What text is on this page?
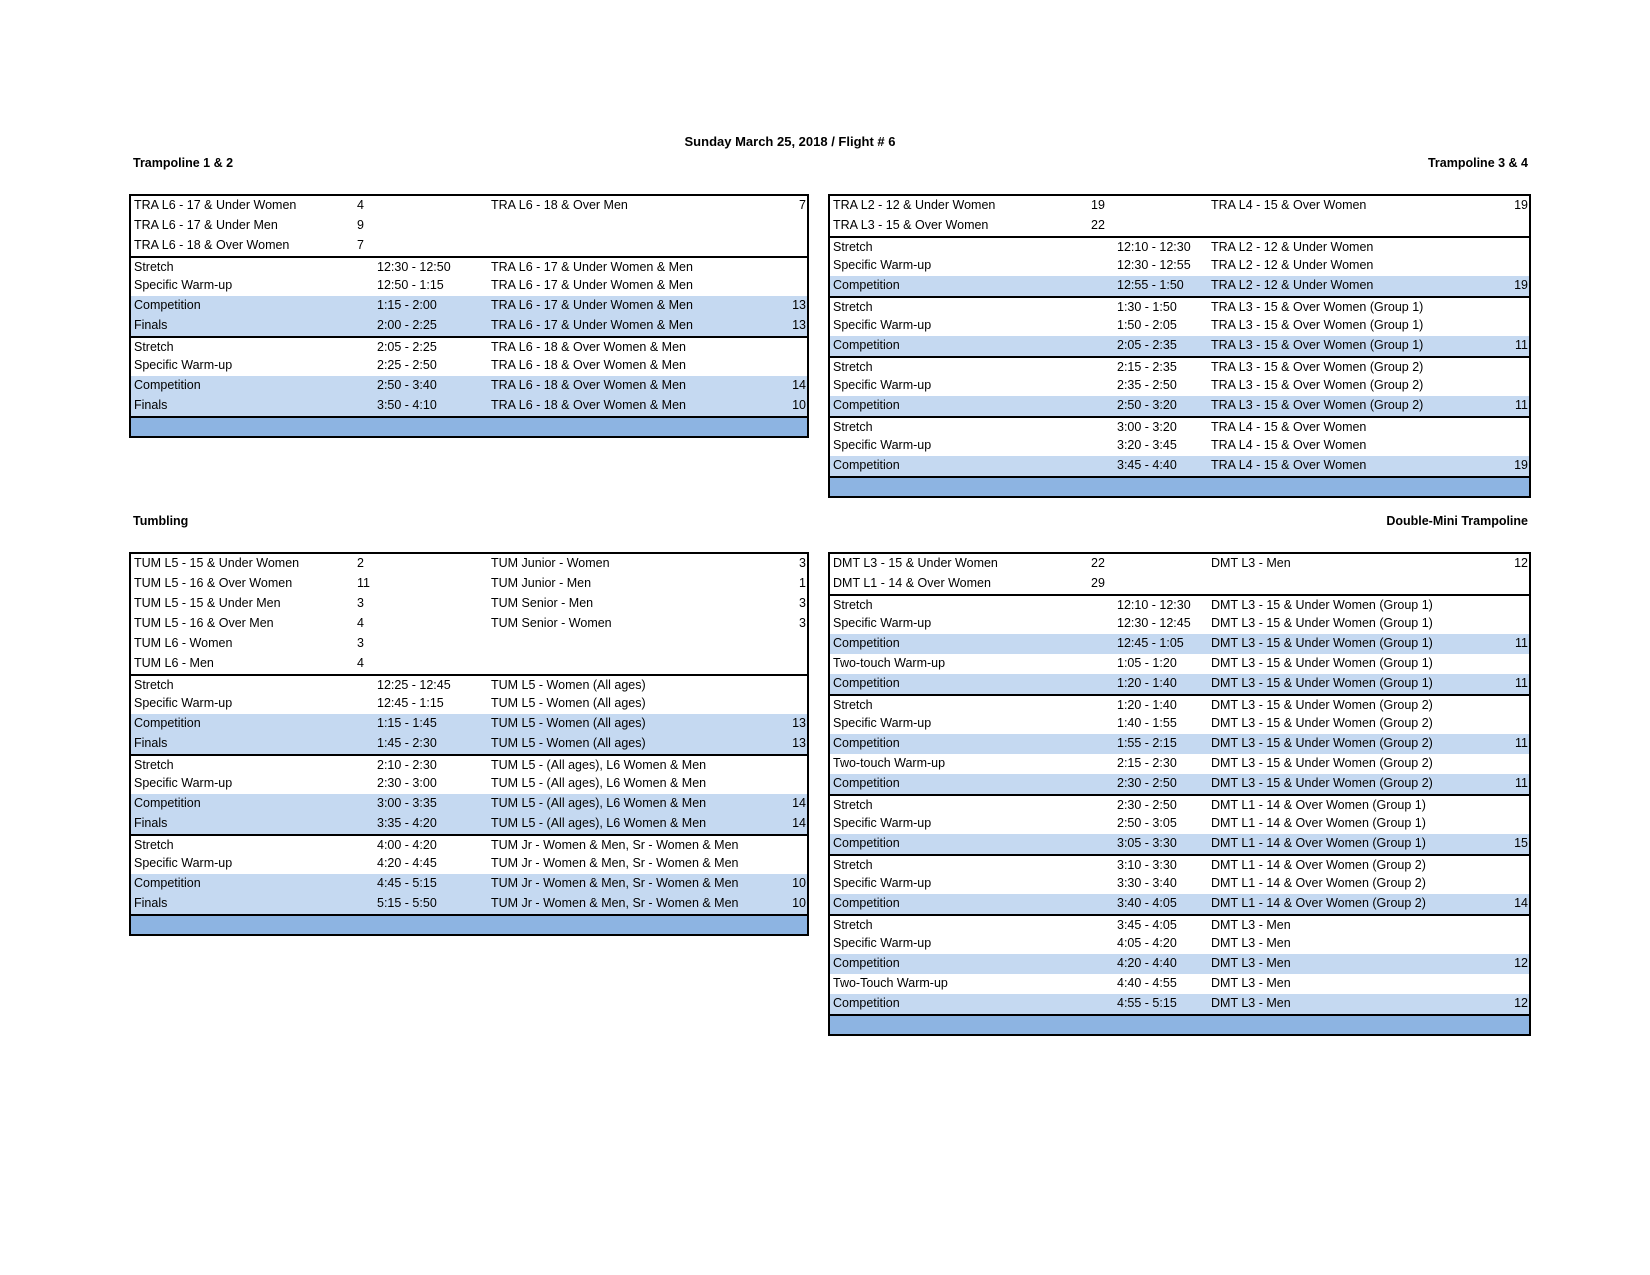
Sunday March 25, 2018 / Flight # 6
Trampoline 1 & 2	Trampoline 3 & 4
Tumbling	Double-Mini Trampoline
TRA L6 - 17 & Under Women	4	TRA L6 - 18 & Over Men	7
TRA L6 - 17 & Under Men	9
TRA L6 - 18 & Over Women	7
Stretch	12:30 - 12:50	TRA L6 - 17 & Under Women & Men
Specific Warm-up	12:50 - 1:15	TRA L6 - 17 & Under Women & Men
Competition	1:15 - 2:00	TRA L6 - 17 & Under Women & Men	13
Finals	2:00 - 2:25	TRA L6 - 17 & Under Women & Men	13
Stretch	2:05 - 2:25	TRA L6 - 18 & Over Women & Men
Specific Warm-up	2:25 - 2:50	TRA L6 - 18 & Over Women & Men
Competition	2:50 - 3:40	TRA L6 - 18 & Over Women & Men	14
Finals	3:50 - 4:10	TRA L6 - 18 & Over Women & Men	10
TRA L2 - 12 & Under Women	19	TRA L4 - 15 & Over Women	19
TRA L3 - 15 & Over Women	22
Stretch	12:10 - 12:30 TRA L2 - 12 & Under Women
Specific Warm-up	12:30 - 12:55 TRA L2 - 12 & Under Women
Competition	12:55 - 1:50 TRA L2 - 12 & Under Women	19
Stretch	1:30 - 1:50	TRA L3 - 15 & Over Women (Group 1)
Specific Warm-up	1:50 - 2:05	TRA L3 - 15 & Over Women (Group 1)
Competition	2:05 - 2:35	TRA L3 - 15 & Over Women (Group 1)	11
Stretch	2:15 - 2:35	TRA L3 - 15 & Over Women (Group 2)
Specific Warm-up	2:35 - 2:50	TRA L3 - 15 & Over Women (Group 2)
Competition	2:50 - 3:20	TRA L3 - 15 & Over Women (Group 2)	11
Stretch	3:00 - 3:20	TRA L4 - 15 & Over Women
Specific Warm-up	3:20 - 3:45	TRA L4 - 15 & Over Women
Competition	3:45 - 4:40	TRA L4 - 15 & Over Women	19
TUM L5 - 15 & Under Women	2	TUM Junior - Women	3
TUM L5 - 16 & Over Women	11	TUM Junior - Men	1
TUM L5 - 15 & Under Men	3	TUM Senior - Men	3
TUM L5 - 16 & Over Men	4	TUM Senior - Women	3
TUM L6 - Women	3
TUM L6 - Men	4
Stretch	12:25 - 12:45	TUM L5 - Women (All ages)
Specific Warm-up	12:45 - 1:15	TUM L5 - Women (All ages)
Competition	1:15 - 1:45	TUM L5 - Women (All ages)	13
Finals	1:45 - 2:30	TUM L5 - Women (All ages)	13
Stretch	2:10 - 2:30	TUM L5 - (All ages), L6 Women & Men
Specific Warm-up	2:30 - 3:00	TUM L5 - (All ages), L6 Women & Men
Competition	3:00 - 3:35	TUM L5 - (All ages), L6 Women & Men	14
Finals	3:35 - 4:20	TUM L5 - (All ages), L6 Women & Men	14
Stretch	4:00 - 4:20	TUM Jr - Women & Men, Sr - Women & Men
Specific Warm-up	4:20 - 4:45	TUM Jr - Women & Men, Sr - Women & Men
Competition	4:45 - 5:15	TUM Jr - Women & Men, Sr - Women & Men	10
Finals	5:15 - 5:50	TUM Jr - Women & Men, Sr - Women & Men	10
DMT L3 - 15 & Under Women	22	DMT L3 - Men	12
DMT L1 - 14 & Over Women	29
Stretch	12:10 - 12:30 DMT L3 - 15 & Under Women (Group 1)
Specific Warm-up	12:30 - 12:45 DMT L3 - 15 & Under Women (Group 1)
Competition	12:45 - 1:05 DMT L3 - 15 & Under Women (Group 1)	11
Two-touch Warm-up	1:05 - 1:20	DMT L3 - 15 & Under Women (Group 1)
Competition	1:20 - 1:40	DMT L3 - 15 & Under Women (Group 1)	11
Stretch	1:20 - 1:40	DMT L3 - 15 & Under Women (Group 2)
Specific Warm-up	1:40 - 1:55	DMT L3 - 15 & Under Women (Group 2)
Competition	1:55 - 2:15	DMT L3 - 15 & Under Women (Group 2)	11
Two-touch Warm-up	2:15 - 2:30	DMT L3 - 15 & Under Women (Group 2)
Competition	2:30 - 2:50	DMT L3 - 15 & Under Women (Group 2)	11
Stretch	2:30 - 2:50	DMT L1 - 14 & Over Women (Group 1)
Specific Warm-up	2:50 - 3:05	DMT L1 - 14 & Over Women (Group 1)
Competition	3:05 - 3:30	DMT L1 - 14 & Over Women (Group 1)	15
Stretch	3:10 - 3:30	DMT L1 - 14 & Over Women (Group 2)
Specific Warm-up	3:30 - 3:40	DMT L1 - 14 & Over Women (Group 2)
Competition	3:40 - 4:05	DMT L1 - 14 & Over Women (Group 2)	14
Stretch	3:45 - 4:05	DMT L3 - Men
Specific Warm-up	4:05 - 4:20	DMT L3 - Men
Competition	4:20 - 4:40	DMT L3 - Men	12
Two-Touch Warm-up	4:40 - 4:55	DMT L3 - Men
Competition	4:55 - 5:15	DMT L3 - Men	12
